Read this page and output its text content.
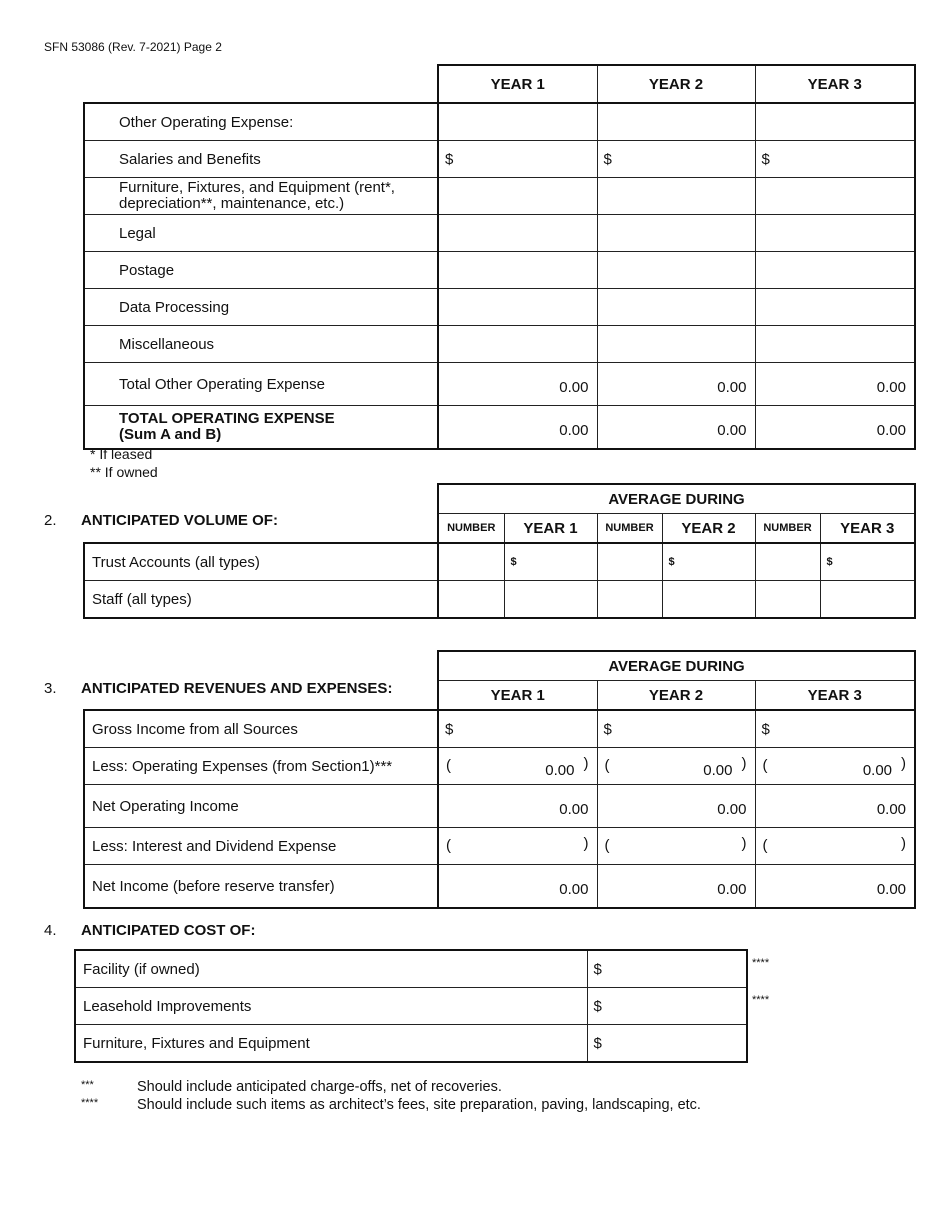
SFN 53086 (Rev. 7-2021) Page 2
	YEAR 1	YEAR 2	YEAR 3
Other Operating Expense:			
Salaries and Benefits	$	$	$

Furniture, Fixtures, and Equipment (rent*,
depreciation**, maintenance, etc.)			

Legal			
Postage			
Data Processing			
Miscellaneous			
Total Other Operating Expense	0.00	0.00	0.00

TOTAL OPERATING EXPENSE
(Sum A and B)	0.00	0.00	0.00
* If leased
** If owned
2. ANTICIPATED VOLUME OF:
	AVERAGE DURING					
	NUMBER	YEAR 1	NUMBER	YEAR 2	NUMBER	YEAR 3
Trust Accounts (all types)		$		$		$
Staff (all types)						
3. ANTICIPATED REVENUES AND EXPENSES:
	AVERAGE DURING		
	YEAR 1	YEAR 2	YEAR 3
Gross Income from all Sources	$	$	$
Less: Operating Expenses (from Section1)***	( 0.00 )	( 0.00 )	( 0.00 )

Net Operating Income	0.00	0.00	0.00
Less: Interest and Dividend Expense	( )	( )	( )

Net Income (before reserve transfer)	0.00	0.00	0.00
4. ANTICIPATED COST OF:
Facility (if owned)	$
Leasehold Improvements	$
Furniture, Fixtures and Equipment	$
****
****
***	Should include anticipated charge-offs, net of recoveries.
****	Should include such items as architect’s fees, site preparation, paving, landscaping, etc.
